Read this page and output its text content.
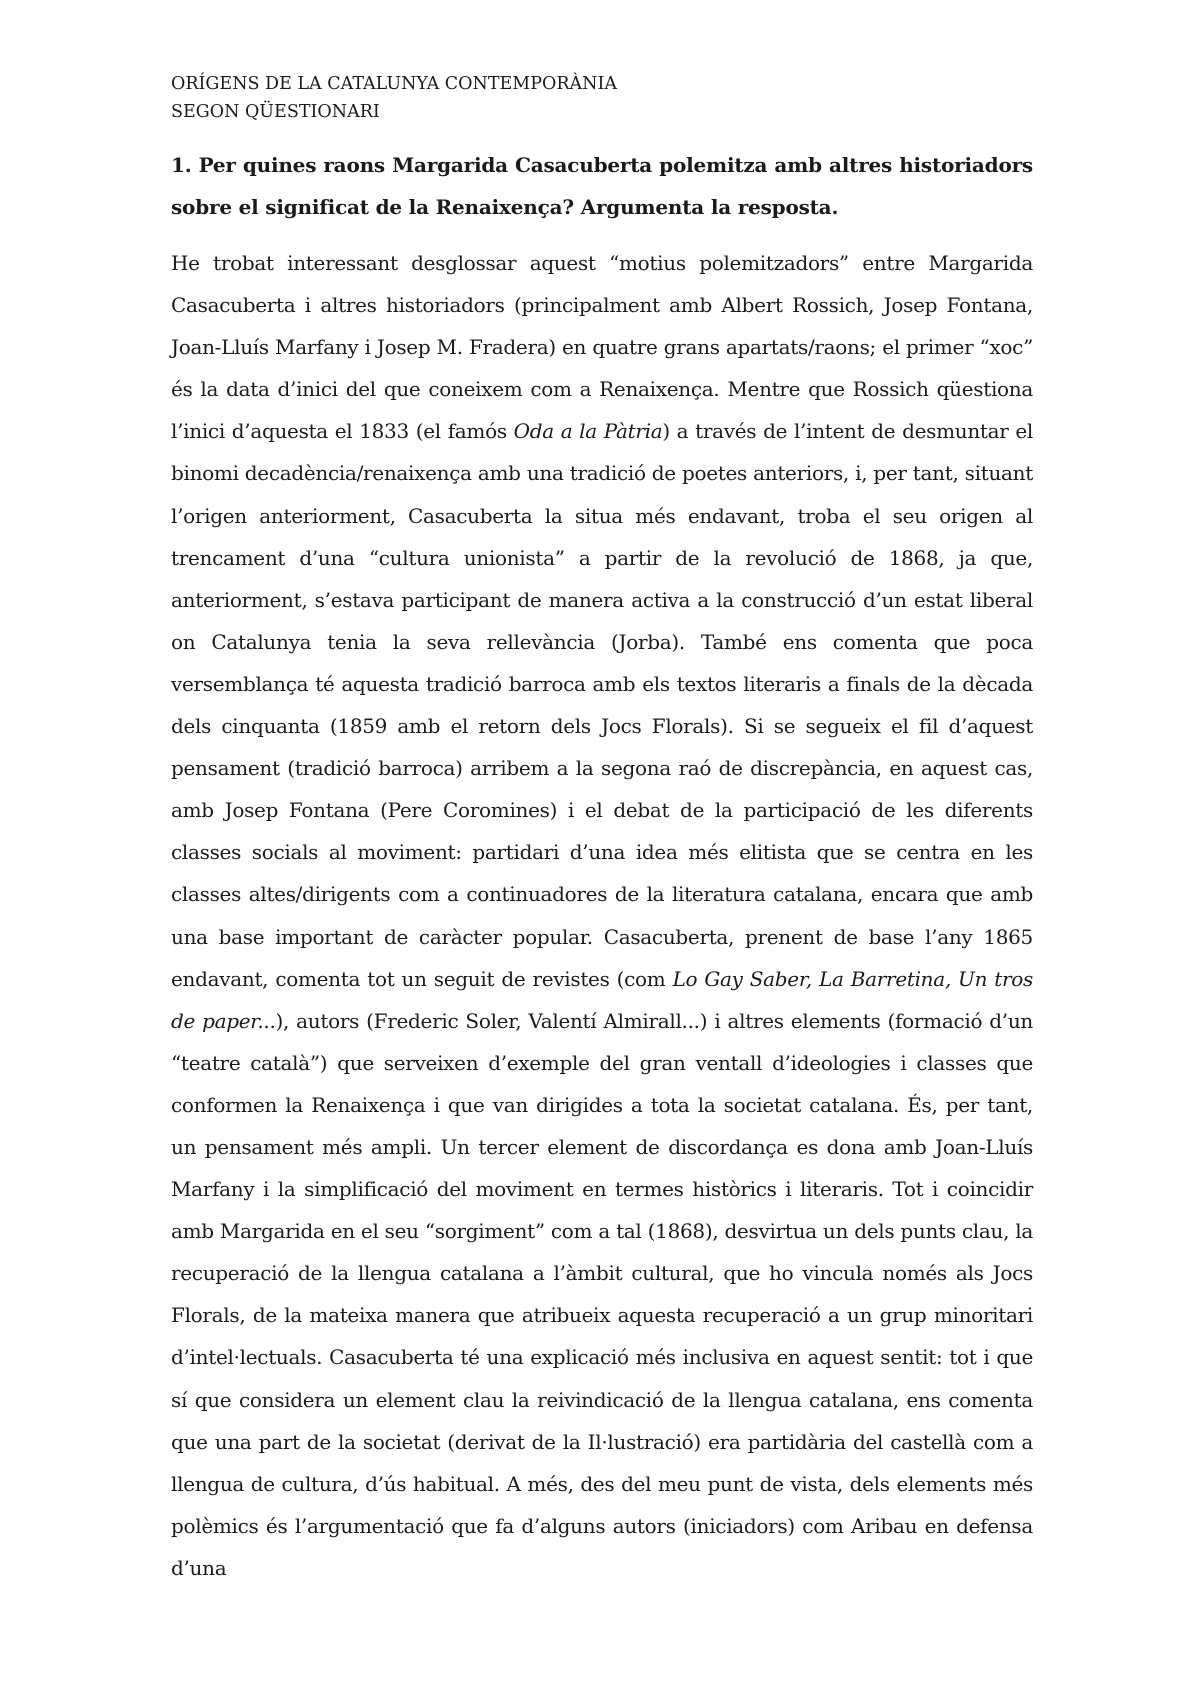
ORÍGENS DE LA CATALUNYA CONTEMPORÀNIA
SEGON QÜESTIONARI
1. Per quines raons Margarida Casacuberta polemitza amb altres historiadors sobre el significat de la Renaixença? Argumenta la resposta.
He trobat interessant desglossar aquest “motius polemitzadors” entre Margarida Casacuberta i altres historiadors (principalment amb Albert Rossich, Josep Fontana, Joan-Lluís Marfany i Josep M. Fradera) en quatre grans apartats/raons; el primer “xoc” és la data d’inici del que coneixem com a Renaixença. Mentre que Rossich qüestiona l’inici d’aquesta el 1833 (el famós Oda a la Pàtria) a través de l’intent de desmuntar el binomi decadència/renaixença amb una tradició de poetes anteriors, i, per tant, situant l’origen anteriorment, Casacuberta la situa més endavant, troba el seu origen al trencament d’una “cultura unionista” a partir de la revolució de 1868, ja que, anteriorment, s’estava participant de manera activa a la construcció d’un estat liberal on Catalunya tenia la seva rellevància (Jorba). També ens comenta que poca versemblança té aquesta tradició barroca amb els textos literaris a finals de la dècada dels cinquanta (1859 amb el retorn dels Jocs Florals). Si se segueix el fil d’aquest pensament (tradició barroca) arribem a la segona raó de discrepància, en aquest cas, amb Josep Fontana (Pere Coromines) i el debat de la participació de les diferents classes socials al moviment: partidari d’una idea més elitista que se centra en les classes altes/dirigents com a continuadores de la literatura catalana, encara que amb una base important de caràcter popular. Casacuberta, prenent de base l’any 1865 endavant, comenta tot un seguit de revistes (com Lo Gay Saber, La Barretina, Un tros de paper...), autors (Frederic Soler, Valentí Almirall...) i altres elements (formació d’un “teatre català”) que serveixen d’exemple del gran ventall d’ideologies i classes que conformen la Renaixença i que van dirigides a tota la societat catalana. És, per tant, un pensament més ampli. Un tercer element de discordança es dona amb Joan-Lluís Marfany i la simplificació del moviment en termes històrics i literaris. Tot i coincidir amb Margarida en el seu “sorgiment” com a tal (1868), desvirtua un dels punts clau, la recuperació de la llengua catalana a l’àmbit cultural, que ho vincula només als Jocs Florals, de la mateixa manera que atribueix aquesta recuperació a un grup minoritari d’intel·lectuals. Casacuberta té una explicació més inclusiva en aquest sentit: tot i que sí que considera un element clau la reivindicació de la llengua catalana, ens comenta que una part de la societat (derivat de la Il·lustració) era partidària del castellà com a llengua de cultura, d’ús habitual. A més, des del meu punt de vista, dels elements més polèmics és l’argumentació que fa d’alguns autors (iniciadors) com Aribau en defensa d’una
